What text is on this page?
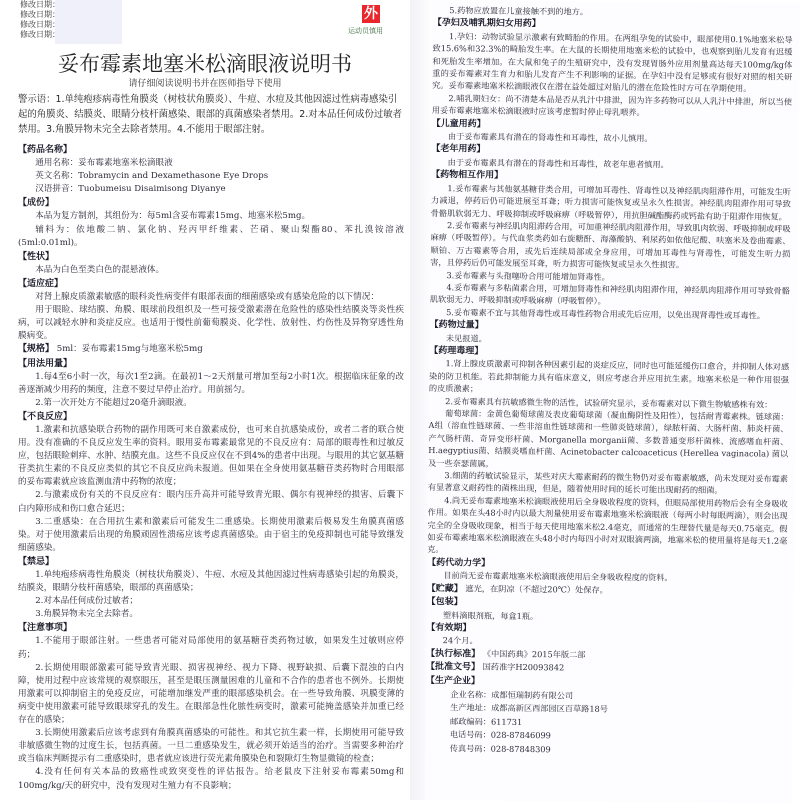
修改日期：
修改日期：
修改日期：
修改日期：
外
运动员慎用
妥布霉素地塞米松滴眼液说明书
请仔细阅读说明书并在医师指导下使用
警示语：1.单纯疱疹病毒性角膜炎（树枝状角膜炎）、牛痘、水痘及其他因滤过性病毒感染引起的角膜炎、结膜炎、眼睛分枝杆菌感染、眼部的真菌感染者禁用。2.对本品任何成份过敏者禁用。3.角膜异物未完全去除者禁用。4.不能用于眼部注射。
【药品名称】

通用名称：妥布霉素地塞米松滴眼液

英文名称：Tobramycin and Dexamethasone Eye Drops

汉语拼音：Tuobumeisu Disaimisong Diyanye

【成份】

本品为复方制剂，其组份为：每5ml含妥布霉素15mg、地塞米松5mg。

辅料为：依地酸二钠、氯化钠、羟丙甲纤维素、芒硝、聚山梨酯80、苯扎溴铵溶液(5ml:0.01ml)。

【性状】

本品为白色至类白色的混悬液体。

【适应症】

对肾上腺皮质激素敏感的眼科炎性病变伴有眼部表面的细菌感染或有感染危险的以下情况：

用于眼睑、球结膜、角膜、眼球前段组织及一些可接受激素潜在危险性的感染性结膜炎等炎性疾病，可以减轻水肿和炎症反应。也适用于慢性前葡萄膜炎、化学性、放射性、灼伤性及异物穿透性角膜病变。

【规格】 5ml：妥布霉素15mg与地塞米松5mg
【用法用量】

1.每4至6小时一次，每次1至2滴。在最初1～2天剂量可增加至每2小时1次。根据临床征象的改善逐渐减少用药的频度，注意不要过早停止治疗。用前摇匀。

2.第一次开处方不能超过20毫升滴眼液。

【不良反应】

1.激素和抗感染联合药物的副作用既可来自激素成份，也可来自抗感染成份，或者二者的联合使用。没有准确的不良反应发生率的资料。眼用妥布霉素最常见的不良反应有：局部的眼毒性和过敏反应，包括眼睑刺痒、水肿、结膜充血。这些不良反应仅在不到4%的患者中出现。与眼用的其它氨基糖苷类抗生素的不良反应类似的其它不良反应尚未报道。但如果在全身使用氨基糖苷类药物时合用眼部的妥布霉素就应该监测血清中药物的浓度；

2.与激素成份有关的不良反应有：眼内压升高并可能导致青光眼、偶尔有视神经的损害、后囊下白内障形成和伤口愈合延迟；

3.二重感染：在合用抗生素和激素后可能发生二重感染。长期使用激素后极易发生角膜真菌感染。对于使用激素后出现的角膜顽固性溃疡应该考虑真菌感染。由于宿主的免疫抑制也可能导致继发细菌感染。

【禁忌】

1.单纯疱疹病毒性角膜炎（树枝状角膜炎）、牛痘、水痘及其他因滤过性病毒感染引起的角膜炎，结膜炎，眼睛分枝杆菌感染，眼部的真菌感染；

2.对本品任何成份过敏者；

3.角膜异物未完全去除者。

【注意事项】

1.不能用于眼部注射。一些患者可能对局部使用的氨基糖苷类药物过敏，如果发生过敏则应停药；

2.长期使用眼部激素可能导致青光眼、损害视神经、视力下降、视野缺损、后囊下混浊的白内障，使用过程中应该常规的观察眼压，甚至是眼压测量困难的儿童和不合作的患者也不例外。长期使用激素可以抑制宿主的免疫反应，可能增加继发严重的眼部感染机会。在一些导致角膜、巩膜变薄的病变中使用激素可能导致眼球穿孔的发生。在眼部急性化脓性病变时，激素可能掩盖感染并加重已经存在的感染；

3.长期使用激素后应该考虑到有角膜真菌感染的可能性。和其它抗生素一样，长期使用可能导致非敏感微生物的过度生长，包括真菌。一旦二重感染发生，就必须开始适当的治疗。当需要多种治疗或当临床判断提示有二重感染时，患者就应该进行荧光素角膜染色和裂隙灯生物显微镜的检查；

4.没有任何有关本品的致癌性或致突变性的评估报告。给老鼠皮下注射妥布霉素50mg和100mg/kg/天的研究中，没有发现对生殖力有不良影响；

5.药物应放置在儿童接触不到的地方。

【孕妇及哺乳期妇女用药】

1.孕妇：动物试验显示激素有致畸胎的作用。在两组孕兔的试验中，眼部使用0.1%地塞米松导致15.6%和32.3%的畸胎发生率。在大鼠的长期使用地塞米松的试验中，也观察到胎儿发育有迟缓和死胎发生率增加。在大鼠和兔子的生殖研究中，没有发现胃肠外应用剂量高达每天100mg/kg体重的妥布霉素对生育力和胎儿发育产生不利影响的证据。在孕妇中没有足够或有很好对照的相关研究。妥布霉素地塞米松滴眼液仅在潜在益处超过对胎儿的潜在危险性时方可在孕期使用。

2.哺乳期妇女：尚不清楚本品是否从乳汁中排泄，因为许多药物可以从人乳汁中排泄，所以当使用妥布霉素地塞米松滴眼液时应该考虑暂时停止母乳喂养。

【儿童用药】

由于妥布霉素具有潜在的肾毒性和耳毒性，故小儿慎用。

【老年用药】

由于妥布霉素具有潜在的肾毒性和耳毒性，故老年患者慎用。

【药物相互作用】

1.妥布霉素与其他氨基糖苷类合用，可增加耳毒性、肾毒性以及神经肌肉阻滞作用，可能发生听力减退，停药后仍可能进展至耳聋；听力损害可能恢复或呈永久性损害。神经肌肉阻滞作用可导致骨骼肌软弱无力、呼吸抑制或呼吸麻痹（呼吸暂停），用抗胆碱酯酶药或钙盐有助于阻滞作用恢复。

2.妥布霉素与神经肌肉阻滞药合用，可加重神经肌肉阻滞作用，导致肌肉软弱、呼吸抑制或呼吸麻痹（呼吸暂停）。与代血浆类药如右旋糖酐、海藻酸钠、利尿药如依他尼酸、呋塞米及卷曲霉素、顺铂、万古霉素等合用，或先后连续局部或全身应用，可增加耳毒性与肾毒性，可能发生听力损害，且停药后仍可能发展至耳聋，听力损害可能恢复或呈永久性损害。

3.妥布霉素与头孢噻吩合用可能增加肾毒性。

4.妥布霉素与多粘菌素合用，可增加肾毒性和神经肌肉阻滞作用，神经肌肉阻滞作用可导致骨骼肌软弱无力、呼吸抑制或呼吸麻痹（呼吸暂停）。

5.妥布霉素不宜与其他肾毒性或耳毒性药物合用或先后应用，以免出现肾毒性或耳毒性。

【药物过量】

未见报道。

【药理毒理】

1.肾上腺皮质激素可抑制各种因素引起的炎症反应，同时也可能延缓伤口愈合，并抑制人体对感染的防卫机能。若此抑制能力具有临床意义，则应考虑合并应用抗生素。地塞米松是一种作用很强的皮质激素；

2.妥布霉素具有抗敏感微生物的活性，试验研究显示，妥布霉素对以下微生物敏感株有效：

葡萄球菌：金黄色葡萄球菌及表皮葡萄球菌（凝血酶阴性及阳性），包括耐青霉素株。链球菌：A组（溶血性链球菌、一些非溶血性链球菌和一些肺炎链球菌），绿脓杆菌、大肠杆菌、肺炎杆菌、产气肠杆菌、奇异变形杆菌、Morganella morganii菌、多数普通变形杆菌株、流感嗜血杆菌、H.aegyptius菌、结膜炎嗜血杆菌、Acinetobacter calcoaceticus (Herellea vaginacola) 菌以及一些奈瑟菌属。

3.细菌的药敏试验显示，某些对庆大霉素耐药的微生物仍对妥布霉素敏感，尚未发现对妥布霉素有显著意义耐药性的菌株出现，但是，随着使用时间的延长可能出现耐药的细菌。

4.尚无妥布霉素地塞米松滴眼液使用后全身吸收程度的资料，但眼局部使用药物后会有全身吸收作用。如果在头48小时内以最大剂量使用妥布霉素地塞米松滴眼液（每两小时每眼两滴），则会出现完全的全身吸收现象，相当于每天使用地塞米松2.4毫克，而通常的生理替代量是每天0.75毫克。假如妥布霉素地塞米松滴眼液在头48小时内每四小时对双眼滴两滴，地塞米松的使用量将是每天1.2毫克。

【药代动力学】

目前尚无妥布霉素地塞米松滴眼液使用后全身吸收程度的资料。

【贮藏】 遮光，在阴凉（不超过20℃）处保存。
【包装】

塑料滴眼剂瓶，每盒1瓶。

【有效期】

24个月。

【执行标准】 《中国药典》2015年版二部
【批准文号】 国药准字H20093842
【生产企业】

企业名称：成都恒瑞制药有限公司

生产地址：成都高新区西部园区百草路18号

邮政编码：611731

电话号码：028-87846099

传真号码：028-87848309
